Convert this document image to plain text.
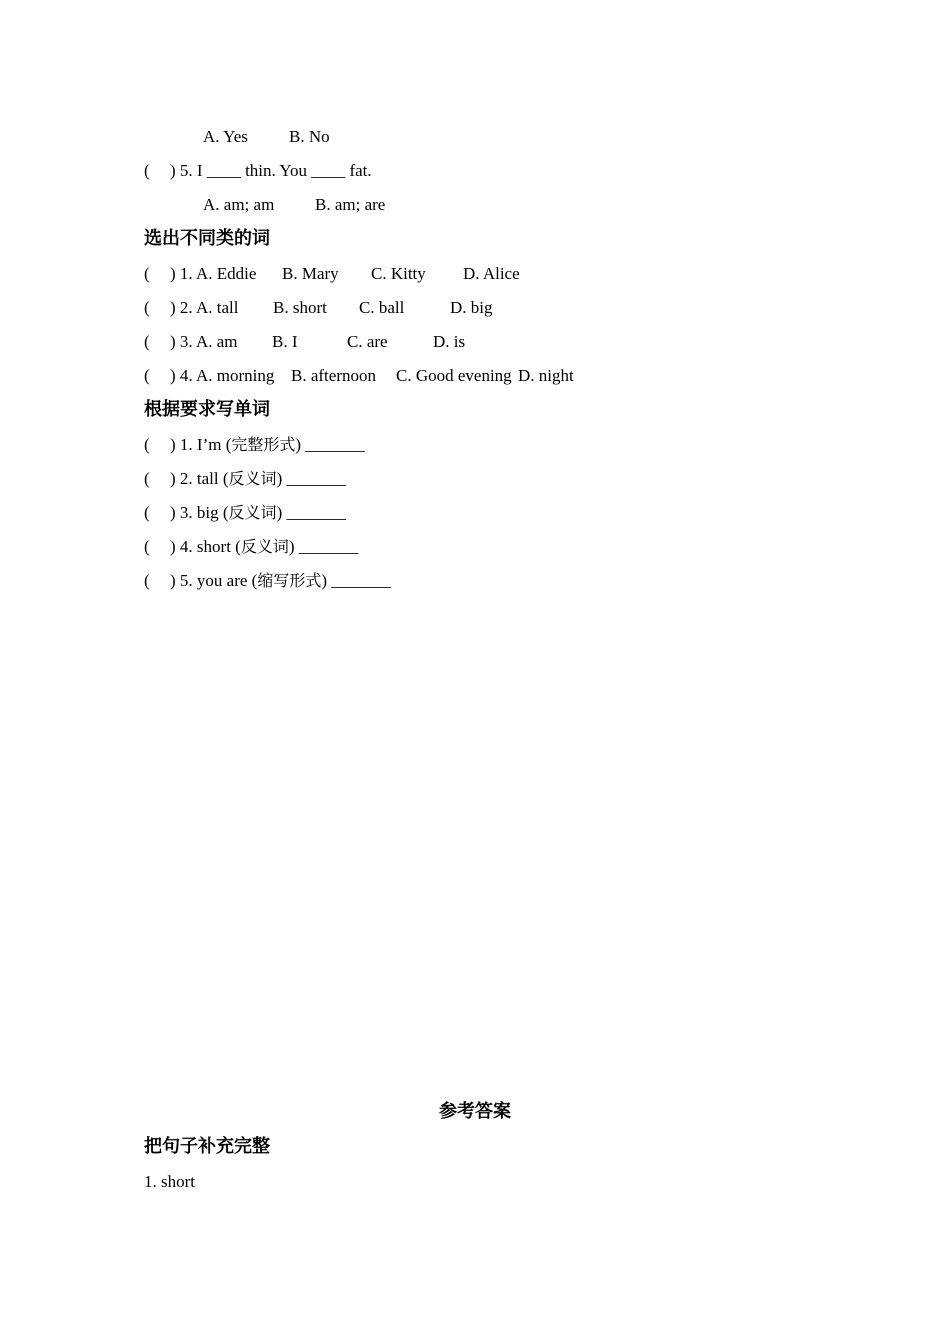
A. Yes B. No
( ) 5. I ____ thin. You ____ fat.
A. am; am B. am; are
选出不同类的词
( ) 1. A. Eddie B. Mary C. Kitty D. Alice
( ) 2. A. tall B. short C. ball	D. big
( ) 3. A. am B. I	C. are	D. is
( ) 4. A. morning B. afternoon C. Good evening D. night
根据要求写单词
( ) 1. I’m (完整形式) _______
( ) 2. tall (反义词) _______
( ) 3. big (反义词) _______
( ) 4. short (反义词) _______
( ) 5. you are (缩写形式) _______
参考答案
把句子补充完整
1. short
